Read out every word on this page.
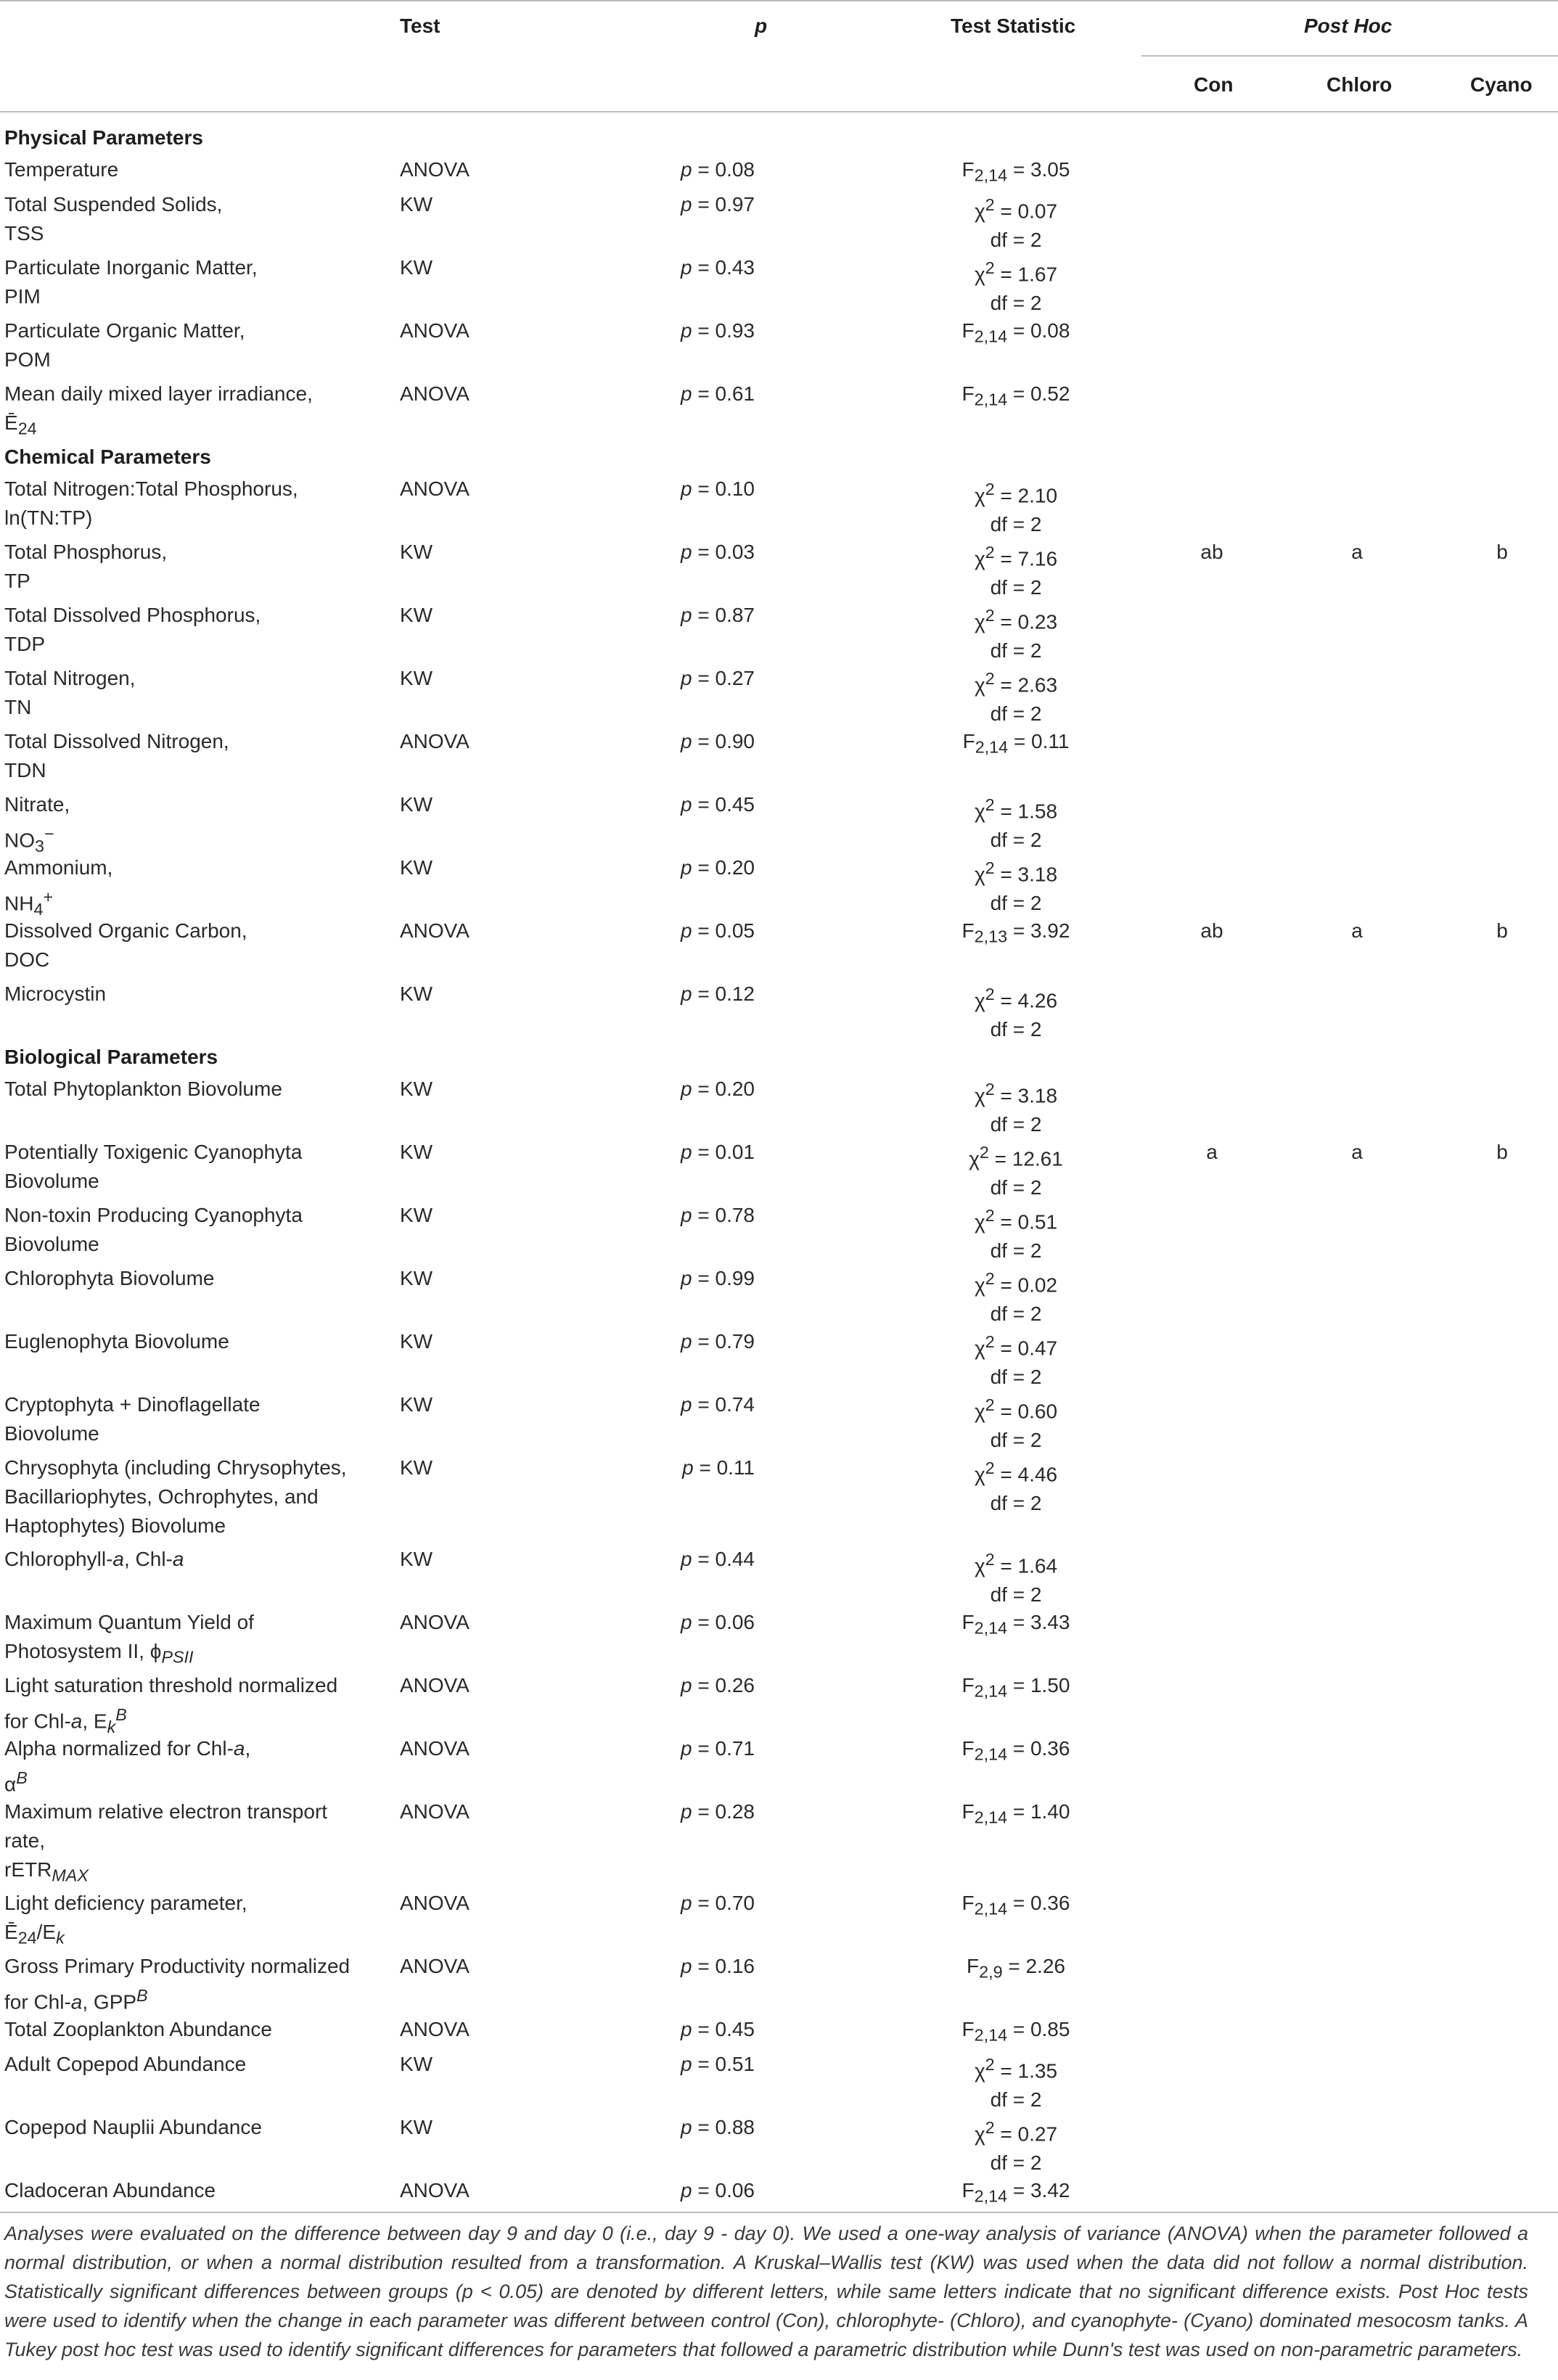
Test	p	Test Statistic	Post Hoc
Con	Chloro	Cyano
Physical Parameters
Temperature	ANOVA	p = 0.08	$F_{2,14} = 3.05$
Total Suspended Solids,
TSS
KW	p = 0.97	$\chi^2 = 0.07$
df = 2
Particulate Inorganic Matter,
PIM
KW	p = 0.43	$\chi^2 = 1.67$
df = 2
Particulate Organic Matter,
POM
ANOVA	p = 0.93	$F_{2,14} = 0.08$
Mean daily mixed layer irradiance,
$Ē_{24}$
ANOVA	p = 0.61	$F_{2,14} = 0.52$
Chemical Parameters
Total Nitrogen:Total Phosphorus,
ln(TN:TP)
ANOVA	p = 0.10	$\chi^2 = 2.10$
df = 2
Total Phosphorus,
TP
KW	p = 0.03	$\chi^2 = 7.16$
df = 2
ab	a	b
Total Dissolved Phosphorus,
TDP
KW	p = 0.87	$\chi^2 = 0.23$
df = 2
Total Nitrogen,
TN
KW	p = 0.27	$\chi^2 = 2.63$
df = 2
Total Dissolved Nitrogen,
TDN
ANOVA	p = 0.90	$F_{2,14} = 0.11$
Nitrate,
$NO_3^-$
KW	p = 0.45	$\chi^2 = 1.58$
df = 2
Ammonium,
$NH_4^+$
KW	p = 0.20	$\chi^2 = 3.18$
df = 2
Dissolved Organic Carbon,
DOC
ANOVA	p = 0.05	$F_{2,13} = 3.92$	ab	a	b
Microcystin	KW	p = 0.12	$\chi^2 = 4.26$
df = 2
Biological Parameters
Total Phytoplankton Biovolume	KW	p = 0.20	$\chi^2 = 3.18$
df = 2
Potentially Toxigenic Cyanophyta
Biovolume
KW	p = 0.01	$\chi^2 = 12.61$
df = 2
a	a	b
Non-toxin Producing Cyanophyta
Biovolume
KW	p = 0.78	$\chi^2 = 0.51$
df = 2
Chlorophyta Biovolume	KW	p = 0.99	$\chi^2 = 0.02$
df = 2
Euglenophyta Biovolume	KW	p = 0.79	$\chi^2 = 0.47$
df = 2
Cryptophyta + Dinoflagellate
Biovolume
KW	p = 0.74	$\chi^2 = 0.60$
df = 2
Chrysophyta (including Chrysophytes,
Bacillariophytes, Ochrophytes, and
Haptophytes) Biovolume
KW	p = 0.11	$\chi^2 = 4.46$
df = 2
Chlorophyll-a, Chl-a	KW	p = 0.44	$\chi^2 = 1.64$
df = 2
Maximum Quantum Yield of
Photosystem II, $\phi_{PSII}$
ANOVA	p = 0.06	$F_{2,14} = 3.43$
Light saturation threshold normalized
for Chl-a, $E_k^B$
ANOVA	p = 0.26	$F_{2,14} = 1.50$
Alpha normalized for Chl-a,
$\alpha^B$
ANOVA	p = 0.71	$F_{2,14} = 0.36$
Maximum relative electron transport
rate,
rETR$_{MAX}$
ANOVA	p = 0.28	$F_{2,14} = 1.40$
Light deficiency parameter,
$Ē_{24}/E_k$
ANOVA	p = 0.70	$F_{2,14} = 0.36$
Gross Primary Productivity normalized
for Chl-a, $GPP^B$
ANOVA	p = 0.16	$F_{2,9} = 2.26$
Total Zooplankton Abundance	ANOVA	p = 0.45	$F_{2,14} = 0.85$
Adult Copepod Abundance	KW	p = 0.51	$\chi^2 = 1.35$
df = 2
Copepod Nauplii Abundance	KW	p = 0.88	$\chi^2 = 0.27$
df = 2
Cladoceran Abundance	ANOVA	p = 0.06	$F_{2,14} = 3.42$
Analyses were evaluated on the difference between day 9 and day 0 (i.e., day 9 - day 0). We used a one-way analysis of variance (ANOVA) when the parameter followed a normal distribution, or when a normal distribution resulted from a transformation. A Kruskal–Wallis test (KW) was used when the data did not follow a normal distribution. Statistically significant differences between groups (p < 0.05) are denoted by different letters, while same letters indicate that no significant difference exists. Post Hoc tests were used to identify when the change in each parameter was different between control (Con), chlorophyte- (Chloro), and cyanophyte- (Cyano) dominated mesocosm tanks. A Tukey post hoc test was used to identify significant differences for parameters that followed a parametric distribution while Dunn's test was used on non-parametric parameters.
